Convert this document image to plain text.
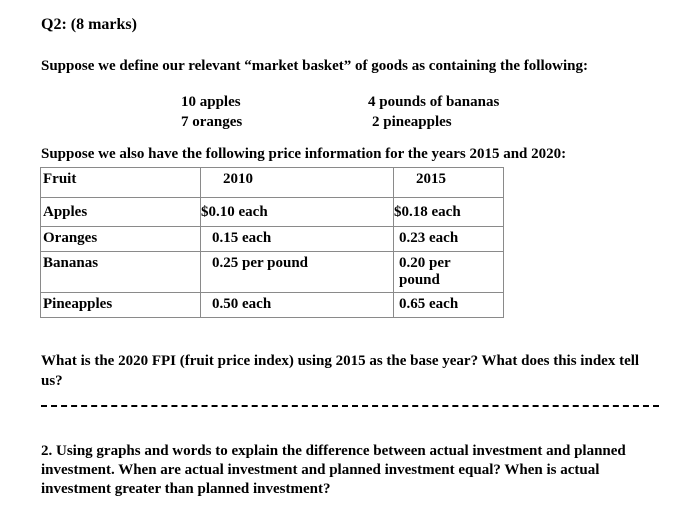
Q2: (8 marks)
Suppose we define our relevant “market basket” of goods as containing the following:
10 apples
7 oranges
4 pounds of bananas
2 pineapples
Suppose we also have the following price information for the years 2015 and 2020:
Fruit	2010	2015

Apples	$0.10 each	$0.18 each

Oranges	0.15 each	0.23 each

Bananas	0.25 per pound	0.20 per pound

Pineapples	0.50 each	0.65 each
What is the 2020 FPI (fruit price index) using 2015 as the base year? What does this index tell us?
2. Using graphs and words to explain the difference between actual investment and planned investment. When are actual investment and planned investment equal? When is actual investment greater than planned investment?
